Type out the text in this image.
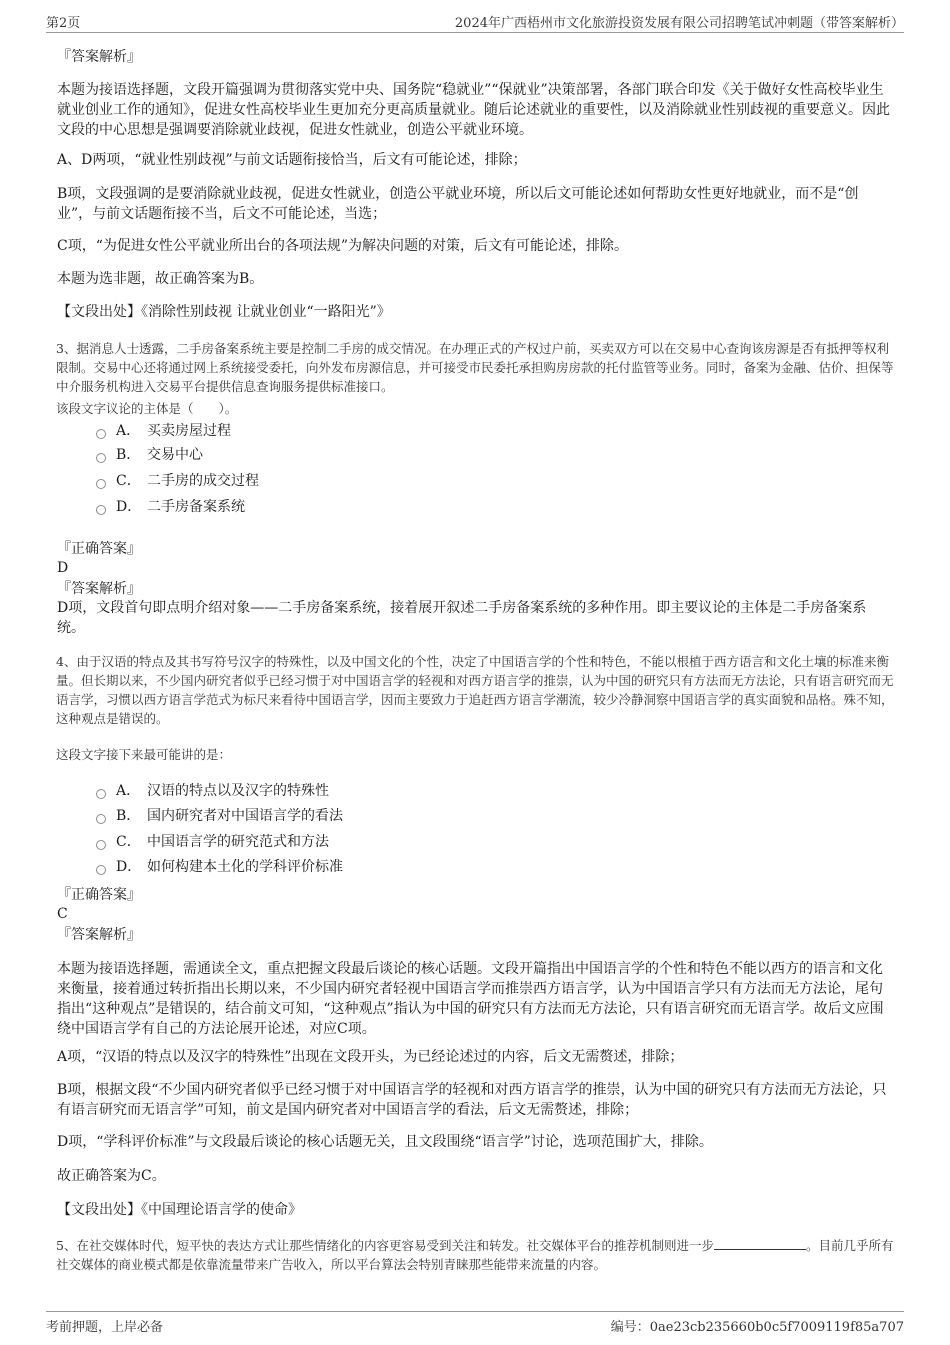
第2页	2024年广西梧州市文化旅游投资发展有限公司招聘笔试冲刺题（带答案解析）
『答案解析』

本题为接语选择题，文段开篇强调为贯彻落实党中央、国务院“稳就业”“保就业”决策部署，各部门联合印发《关于做好女性高校毕业生就业创业工作的通知》，促进女性高校毕业生更加充分更高质量就业。随后论述就业的重要性，以及消除就业性别歧视的重要意义。因此文段的中心思想是强调要消除就业歧视，促进女性就业，创造公平就业环境。

A、D两项，“就业性别歧视”与前文话题衔接恰当，后文有可能论述，排除；

B项，文段强调的是要消除就业歧视，促进女性就业，创造公平就业环境，所以后文可能论述如何帮助女性更好地就业，而不是“创业”，与前文话题衔接不当，后文不可能论述，当选；

C项，“为促进女性公平就业所出台的各项法规”为解决问题的对策，后文有可能论述，排除。

本题为选非题，故正确答案为B。

【文段出处】《消除性别歧视 让就业创业“一路阳光”》

3、据消息人士透露，二手房备案系统主要是控制二手房的成交情况。在办理正式的产权过户前，买卖双方可以在交易中心查询该房源是否有抵押等权利限制。交易中心还将通过网上系统接受委托，向外发布房源信息，并可接受市民委托承担购房房款的托付监管等业务。同时，备案为金融、估价、担保等中介服务机构进入交易平台提供信息查询服务提供标准接口。

该段文字议论的主体是（　　）。

A． 买卖房屋过程
B． 交易中心
C． 二手房的成交过程
D． 二手房备案系统
『正确答案』
D
『答案解析』

D项，文段首句即点明介绍对象——二手房备案系统，接着展开叙述二手房备案系统的多种作用。即主要议论的主体是二手房备案系统。

4、由于汉语的特点及其书写符号汉字的特殊性，以及中国文化的个性，决定了中国语言学的个性和特色，不能以根植于西方语言和文化土壤的标准来衡量。但长期以来，不少国内研究者似乎已经习惯于对中国语言学的轻视和对西方语言学的推崇，认为中国的研究只有方法而无方法论，只有语言研究而无语言学，习惯以西方语言学范式为标尺来看待中国语言学，因而主要致力于追赶西方语言学潮流，较少冷静洞察中国语言学的真实面貌和品格。殊不知，这种观点是错误的。

这段文字接下来最可能讲的是：

A． 汉语的特点以及汉字的特殊性
B． 国内研究者对中国语言学的看法
C． 中国语言学的研究范式和方法
D． 如何构建本土化的学科评价标准
『正确答案』
C
『答案解析』

本题为接语选择题，需通读全文，重点把握文段最后谈论的核心话题。文段开篇指出中国语言学的个性和特色不能以西方的语言和文化来衡量，接着通过转折指出长期以来，不少国内研究者轻视中国语言学而推崇西方语言学，认为中国语言学只有方法而无方法论，尾句指出“这种观点”是错误的，结合前文可知，“这种观点”指认为中国的研究只有方法而无方法论，只有语言研究而无语言学。故后文应围绕中国语言学有自己的方法论展开论述，对应C项。

A项，“汉语的特点以及汉字的特殊性”出现在文段开头，为已经论述过的内容，后文无需赘述，排除；

B项，根据文段“不少国内研究者似乎已经习惯于对中国语言学的轻视和对西方语言学的推崇，认为中国的研究只有方法而无方法论，只有语言研究而无语言学”可知，前文是国内研究者对中国语言学的看法，后文无需赘述，排除；

D项，“学科评价标准”与文段最后谈论的核心话题无关，且文段围绕“语言学”讨论，选项范围扩大，排除。

故正确答案为C。

【文段出处】《中国理论语言学的使命》

5、在社交媒体时代，短平快的表达方式让那些情绪化的内容更容易受到关注和转发。社交媒体平台的推荐机制则进一步	。目前几乎所有社交媒体的商业模式都是依靠流量带来广告收入，所以平台算法会特别青睐那些能带来流量的内容。

考前押题，上岸必备	编号：0ae23cb235660b0c5f7009119f85a707
